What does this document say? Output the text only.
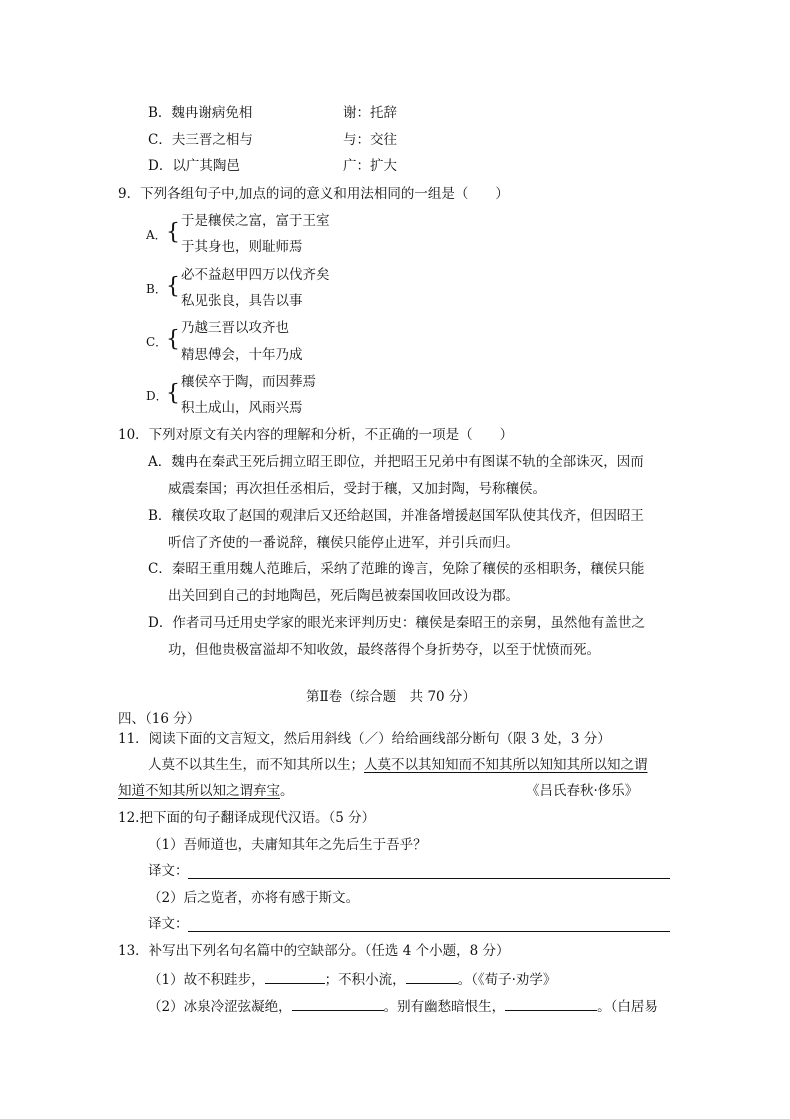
B．魏冉谢病免相	谢：托辞
C．夫三晋之相与	与：交往
D．以广其陶邑	广：扩大
9．下列各组句子中,加点的词的意义和用法相同的一组是（　　）
A． { 于是穰侯之富，富于王室
于其身也，则耻师焉
B． { 必不益赵甲四万以伐齐矣
私见张良，具告以事
C．
{ 乃越三晋以攻齐也
精思傅会，十年乃成
D．
{ 穰侯卒于陶，而因葬焉
积土成山，风雨兴焉
10．下列对原文有关内容的理解和分析，不正确的一项是（　　）
A．魏冉在秦武王死后拥立昭王即位，并把昭王兄弟中有图谋不轨的全部诛灭，因而
威震秦国；再次担任丞相后，受封于穰，又加封陶，号称穰侯。
B．穰侯攻取了赵国的观津后又还给赵国，并准备增援赵国军队使其伐齐，但因昭王
听信了齐使的一番说辞，穰侯只能停止进军，并引兵而归。
C．秦昭王重用魏人范雎后，采纳了范雎的谗言，免除了穰侯的丞相职务，穰侯只能
出关回到自己的封地陶邑，死后陶邑被秦国收回改设为郡。
D．作者司马迁用史学家的眼光来评判历史：穰侯是秦昭王的亲舅，虽然他有盖世之
功，但他贵极富溢却不知收敛，最终落得个身折势夺，以至于忧愤而死。
第Ⅱ卷（综合题　共 70 分）
四、（16 分）
11．阅读下面的文言短文，然后用斜线（／）给给画线部分断句（限 3 处，3 分）
人莫不以其生生，而不知其所以生；人莫不以其知知而不知其所以知知其所以知之谓
知道不知其所以知之谓弃宝。	《吕氏春秋·侈乐》
12.把下面的句子翻译成现代汉语。（5 分）
（1）吾师道也，夫庸知其年之先后生于吾乎？
译文：
（2）后之览者，亦将有感于斯文。
译文：
13．补写出下列名句名篇中的空缺部分。（任选 4 个小题，8 分）
（1）故不积跬步，	；不积小流，	。（《荀子·劝学》
（2）冰泉冷涩弦凝绝，	。别有幽愁暗恨生，	。（白居易
